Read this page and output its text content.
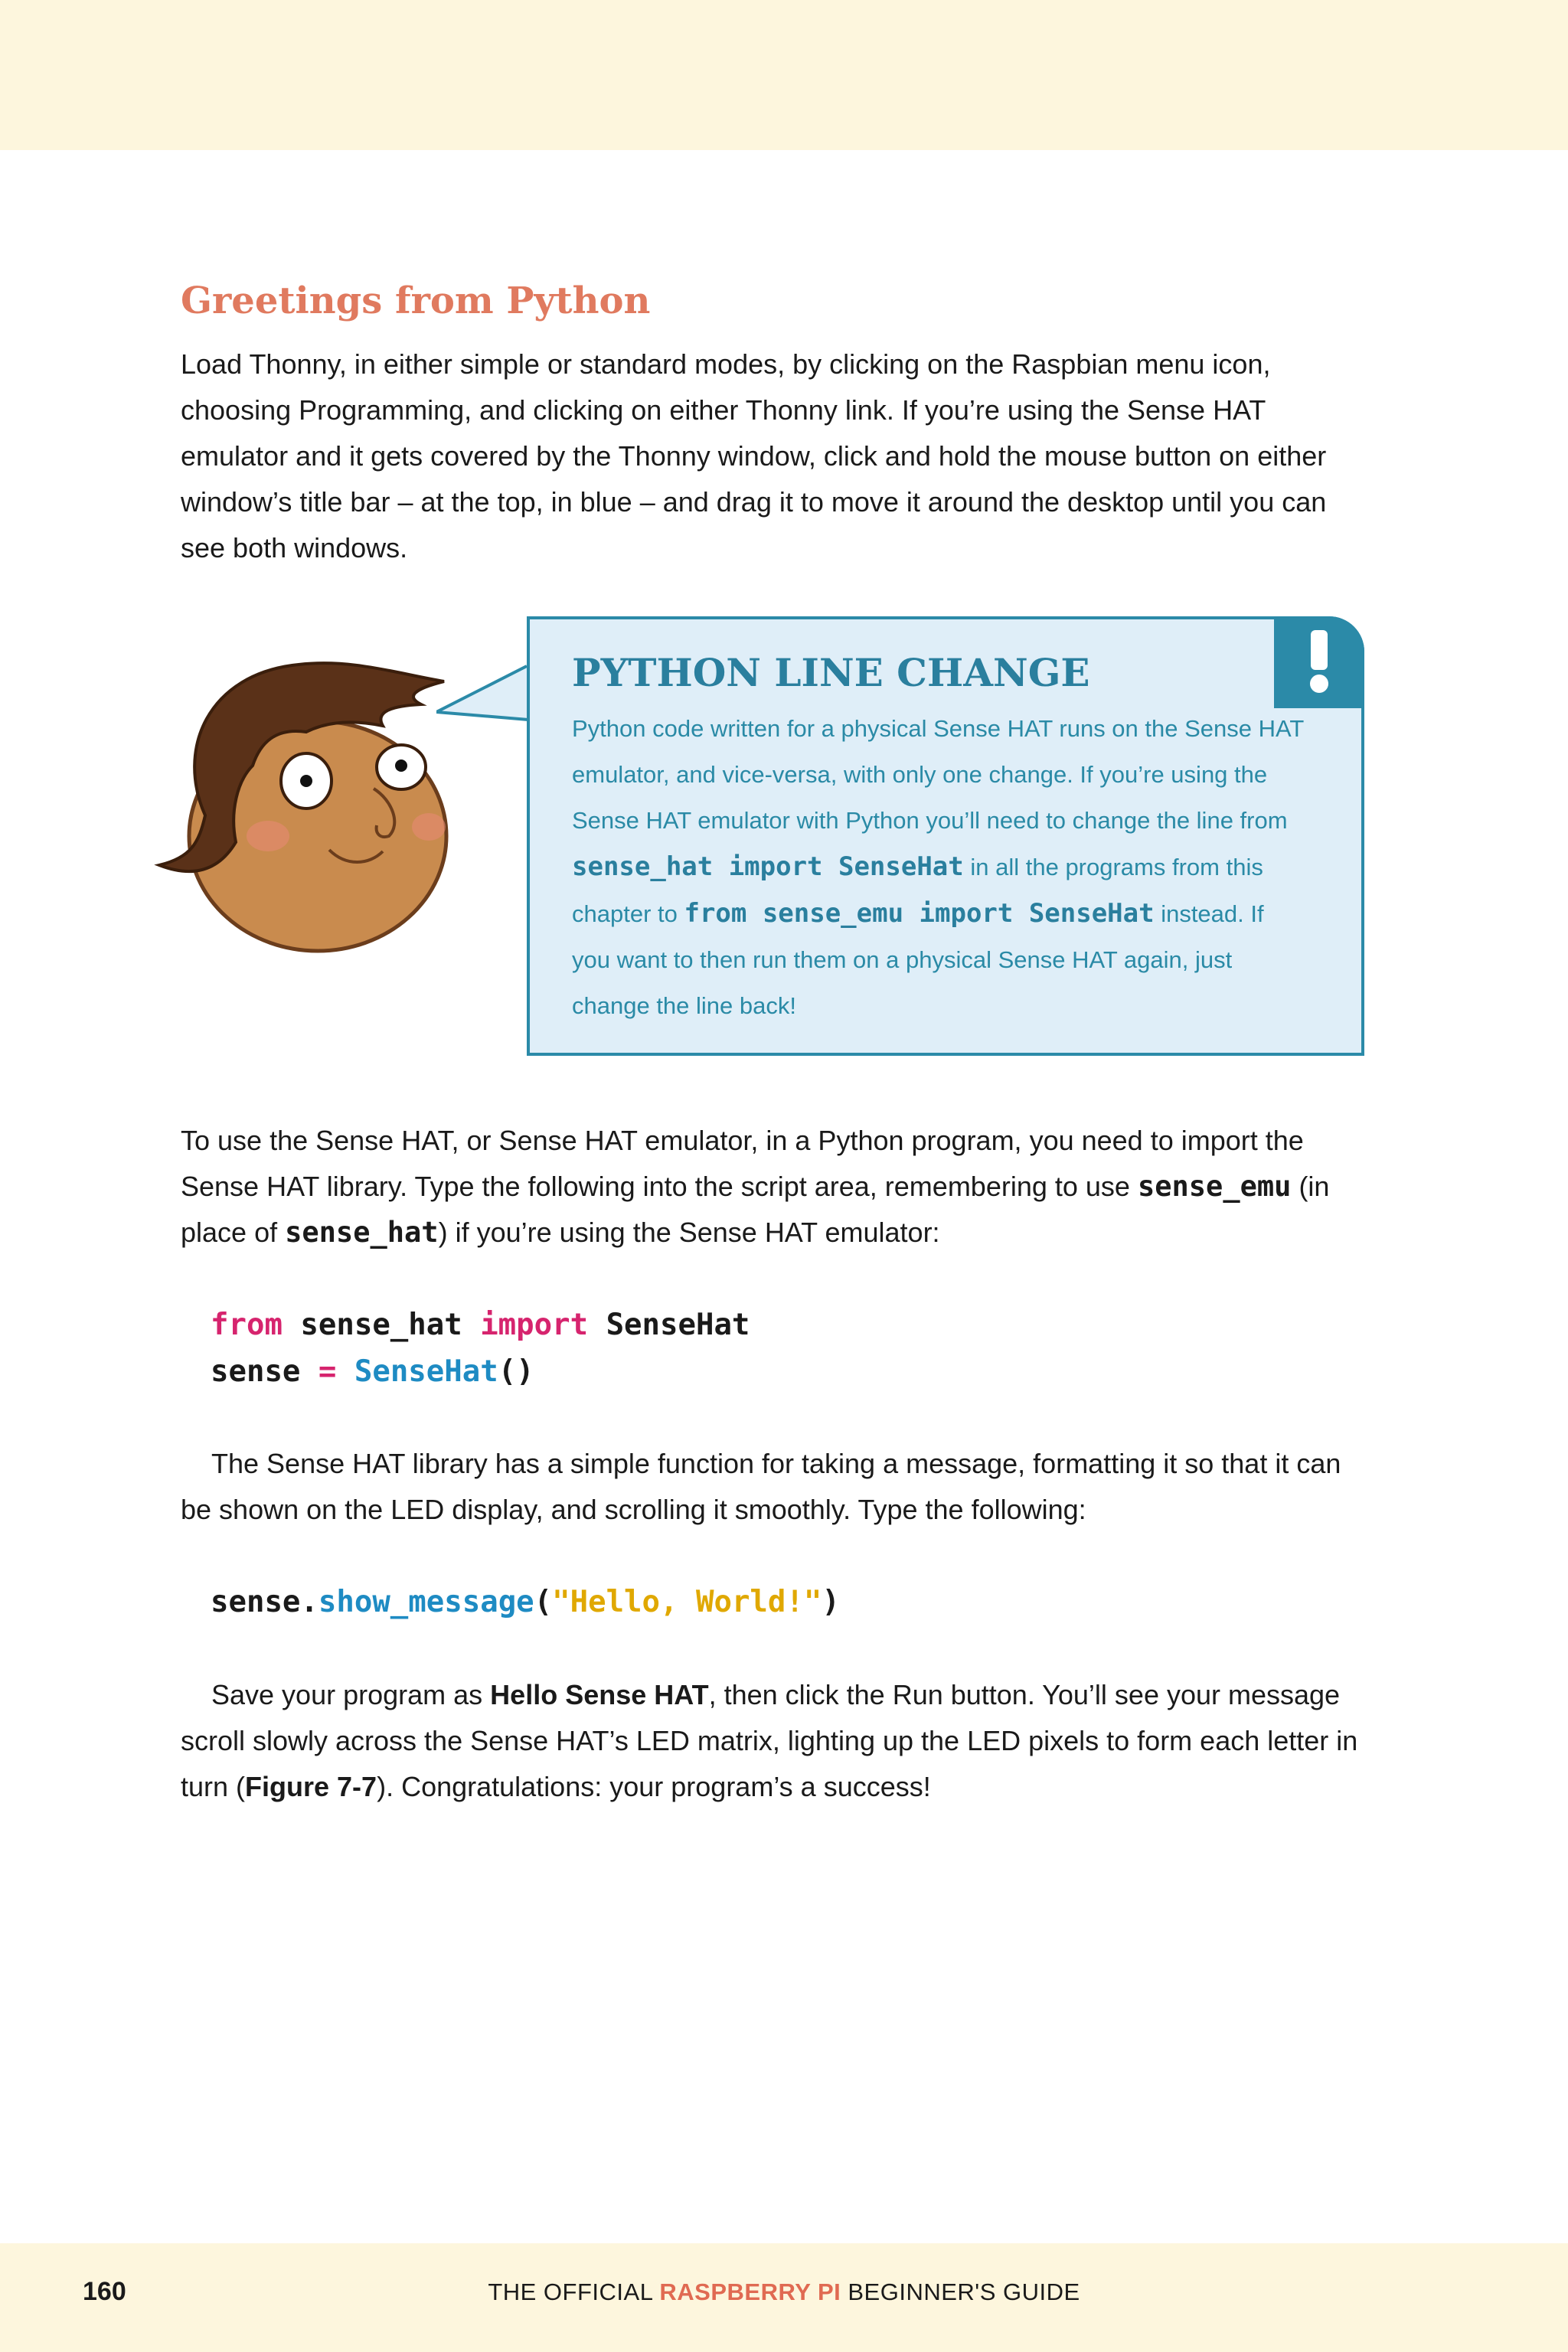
Greetings from Python

Load Thonny, in either simple or standard modes, by clicking on the Raspbian menu icon, choosing Programming, and clicking on either Thonny link. If you’re using the Sense HAT emulator and it gets covered by the Thonny window, click and hold the mouse button on either window’s title bar – at the top, in blue – and drag it to move it around the desktop until you can see both windows.

PYTHON LINE CHANGE

Python code written for a physical Sense HAT runs on the Sense HAT emulator, and vice-versa, with only one change. If you’re using the Sense HAT emulator with Python you’ll need to change the line from sense_hat import SenseHat in all the programs from this chapter to from sense_emu import SenseHat instead. If you want to then run them on a physical Sense HAT again, just change the line back!

To use the Sense HAT, or Sense HAT emulator, in a Python program, you need to import the Sense HAT library. Type the following into the script area, remembering to use sense_emu (in place of sense_hat) if you’re using the Sense HAT emulator:

from sense_hat import SenseHat
sense = SenseHat()

The Sense HAT library has a simple function for taking a message, formatting it so that it can be shown on the LED display, and scrolling it smoothly. Type the following:

sense.show_message("Hello, World!")

Save your program as Hello Sense HAT, then click the Run button. You’ll see your message scroll slowly across the Sense HAT’s LED matrix, lighting up the LED pixels to form each letter in turn (Figure 7-7). Congratulations: your program’s a success!

160	THE OFFICIAL RASPBERRY PI BEGINNER'S GUIDE
